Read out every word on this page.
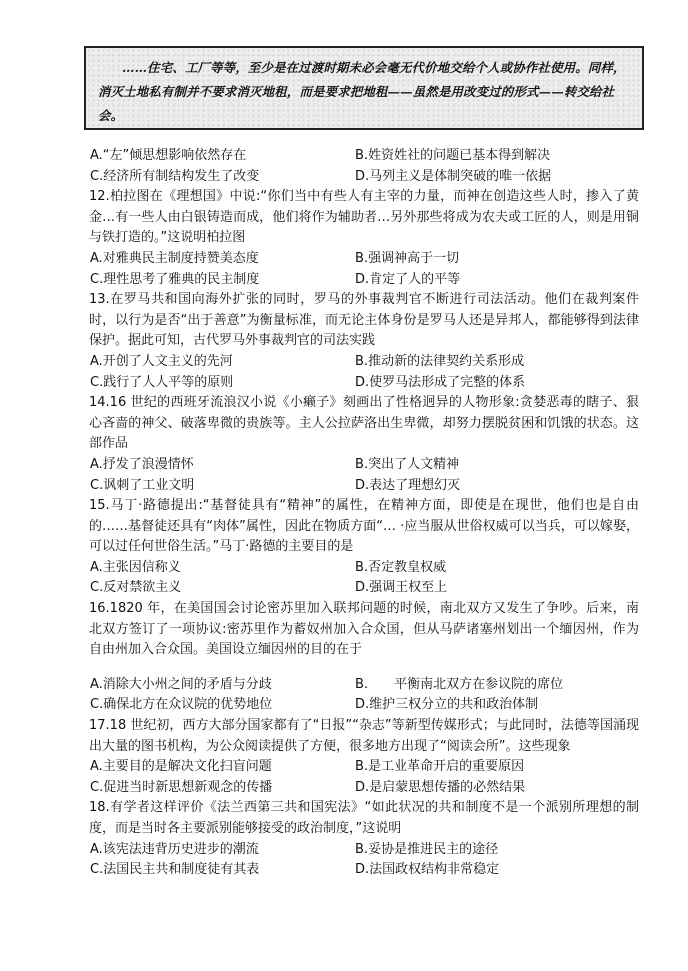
……住宅、工厂等等，至少是在过渡时期未必会毫无代价地交给个人或协作社使用。同样，消灭土地私有制并不要求消灭地租，而是要求把地租——虽然是用改变过的形式——转交给社会。

A.“左”倾思想影响依然存在	B.姓资姓社的问题已基本得到解决
C.经济所有制结构发生了改变	D.马列主义是体制突破的唯一依据
12.柏拉图在《理想国》中说:“你们当中有些人有主宰的力量，而神在创造这些人时，掺入了黄金…有一些人由白银铸造而成，他们将作为辅助者…另外那些将成为农夫或工匠的人，则是用铜与铁打造的。”这说明柏拉图
A.对雅典民主制度持赞美态度	B.强调神高于一切
C.理性思考了雅典的民主制度	D.肯定了人的平等
13.在罗马共和国向海外扩张的同时，罗马的外事裁判官不断进行司法活动。他们在裁判案件时，以行为是否“出于善意”为衡量标准，而无论主体身份是罗马人还是异邦人，都能够得到法律保护。据此可知，古代罗马外事裁判官的司法实践
A.开创了人文主义的先河	B.推动新的法律契约关系形成
C.践行了人人平等的原则	D.使罗马法形成了完整的体系
14.16 世纪的西班牙流浪汉小说《小癞子》刻画出了性格迥异的人物形象:贪婪恶毒的瞎子、狠心吝啬的神父、破落卑微的贵族等。主人公拉萨洛出生卑微，却努力摆脱贫困和饥饿的状态。这部作品
A.抒发了浪漫情怀	B.突出了人文精神
C.讽刺了工业文明	D.表达了理想幻灭
15.马丁·路德提出:“基督徒具有“精神”的属性，在精神方面，即使是在现世，他们也是自由的……基督徒还具有“肉体”属性，因此在物质方面“… ·应当服从世俗权威可以当兵，可以嫁娶，可以过任何世俗生活。”马丁·路德的主要目的是
A.主张因信称义	B.否定教皇权威
C.反对禁欲主义	D.强调王权至上
16.1820 年，在美国国会讨论密苏里加入联邦问题的时候，南北双方又发生了争吵。后来，南北双方签订了一项协议:密苏里作为蓄奴州加入合众国，但从马萨诸塞州划出一个缅因州，作为自由州加入合众国。美国设立缅因州的目的在于
A.消除大小州之间的矛盾与分歧	B.　　平衡南北双方在参议院的席位
C.确保北方在众议院的优势地位	D.维护三权分立的共和政治体制
17.18 世纪初，西方大部分国家都有了“日报”“杂志”等新型传媒形式；与此同时，法德等国涌现出大量的图书机构，为公众阅读提供了方便，很多地方出现了“阅读会所”。这些现象
A.主要目的是解决文化扫盲问题	B.是工业革命开启的重要原因
C.促进当时新思想新观念的传播	D.是启蒙思想传播的必然结果
18.有学者这样评价《法兰西第三共和国宪法》“如此状况的共和制度不是一个派别所理想的制度，而是当时各主要派别能够接受的政治制度，”这说明
A.该宪法违背历史进步的潮流	B.妥协是推进民主的途径
C.法国民主共和制度徒有其表	D.法国政权结构非常稳定
